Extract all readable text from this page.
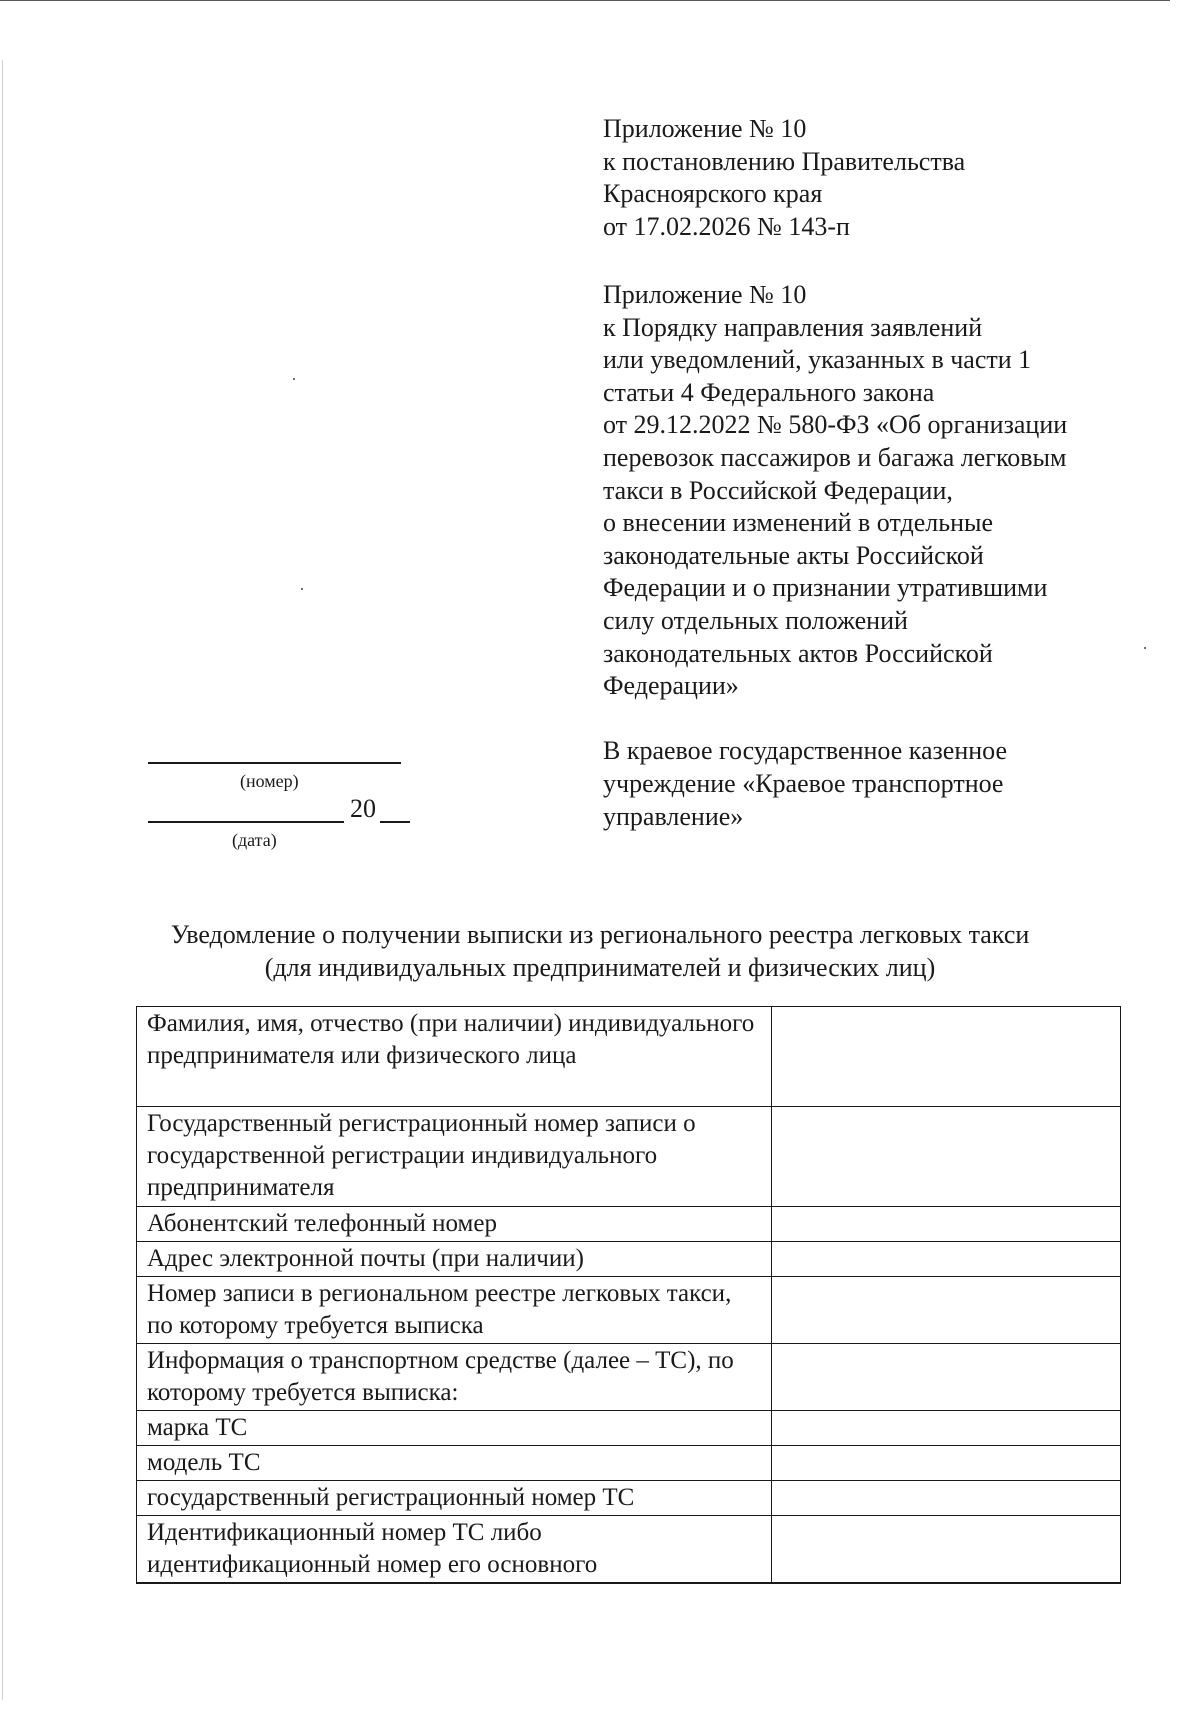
Приложение № 10

к постановлению Правительства

Красноярского края

от 17.02.2026 № 143-п

Приложение № 10

к Порядку направления заявлений

или уведомлений, указанных в части 1

статьи 4 Федерального закона

от 29.12.2022 № 580-ФЗ «Об организации

перевозок пассажиров и багажа легковым

такси в Российской Федерации,

о внесении изменений в отдельные

законодательные акты Российской

Федерации и о признании утратившими

силу отдельных положений

законодательных актов Российской

Федерации»

(номер)
20
(дата)

В краевое государственное казенное

учреждение «Краевое транспортное

управление»

Уведомление о получении выписки из регионального реестра легковых такси

(для индивидуальных предпринимателей и физических лиц)

Фамилия, имя, отчество (при наличии) индивидуального предпринимателя или физического лица	
Государственный регистрационный номер записи о государственной регистрации индивидуального предпринимателя	
Абонентский телефонный номер	
Адрес электронной почты (при наличии)	
Номер записи в региональном реестре легковых такси, по которому требуется выписка	
Информация о транспортном средстве (далее – ТС), по которому требуется выписка:	
марка ТС	
модель ТС	
государственный регистрационный номер ТС	
Идентификационный номер ТС либо идентификационный номер его основного	
